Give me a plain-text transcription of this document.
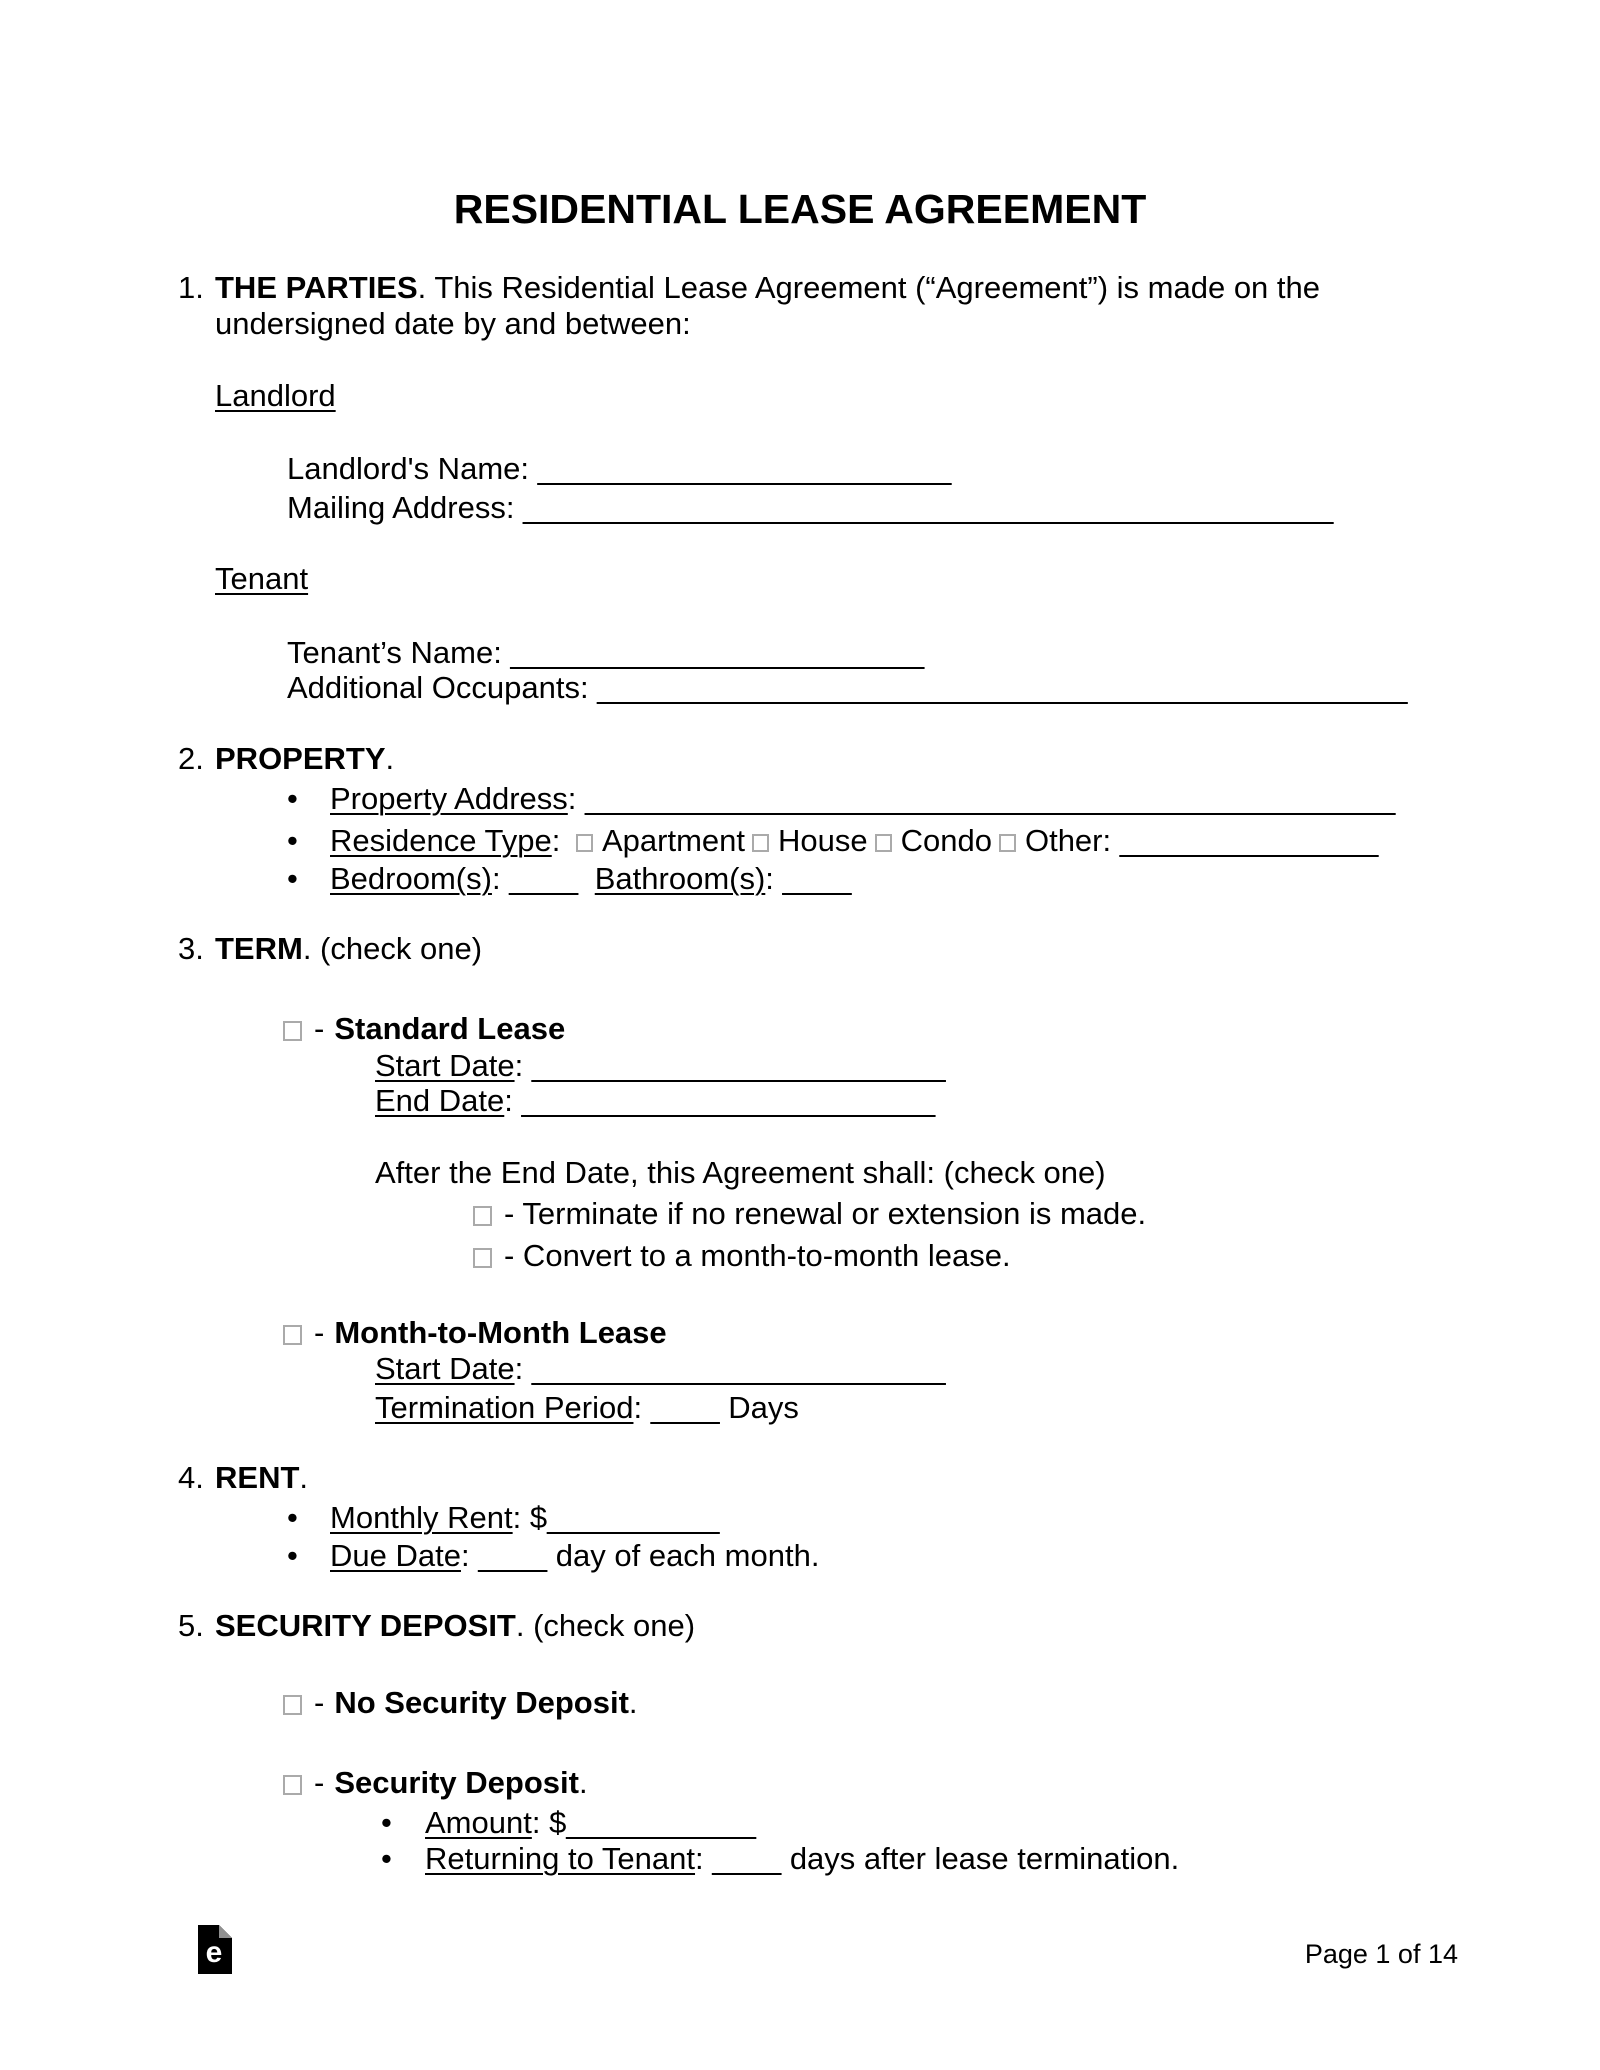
RESIDENTIAL LEASE AGREEMENT
1. THE PARTIES. This Residential Lease Agreement (“Agreement”) is made on the
undersigned date by and between:
Landlord
Landlord's Name: ________________________
Mailing Address: _______________________________________________
Tenant
Tenant’s Name: ________________________
Additional Occupants: _______________________________________________
2. PROPERTY.
• Property Address: _______________________________________________
• Residence Type: Apartment House Condo Other: _______________
• Bedroom(s): ____ Bathroom(s): ____
3. TERM. (check one)
- Standard Lease
Start Date: ________________________
End Date: ________________________
After the End Date, this Agreement shall: (check one)
- Terminate if no renewal or extension is made.
- Convert to a month-to-month lease.
- Month-to-Month Lease
Start Date: ________________________
Termination Period: ____ Days
4. RENT.
• Monthly Rent: $__________
• Due Date: ____ day of each month.
5. SECURITY DEPOSIT. (check one)
- No Security Deposit.
- Security Deposit.
• Amount: $___________
• Returning to Tenant: ____ days after lease termination.
e	Page 1 of 14
